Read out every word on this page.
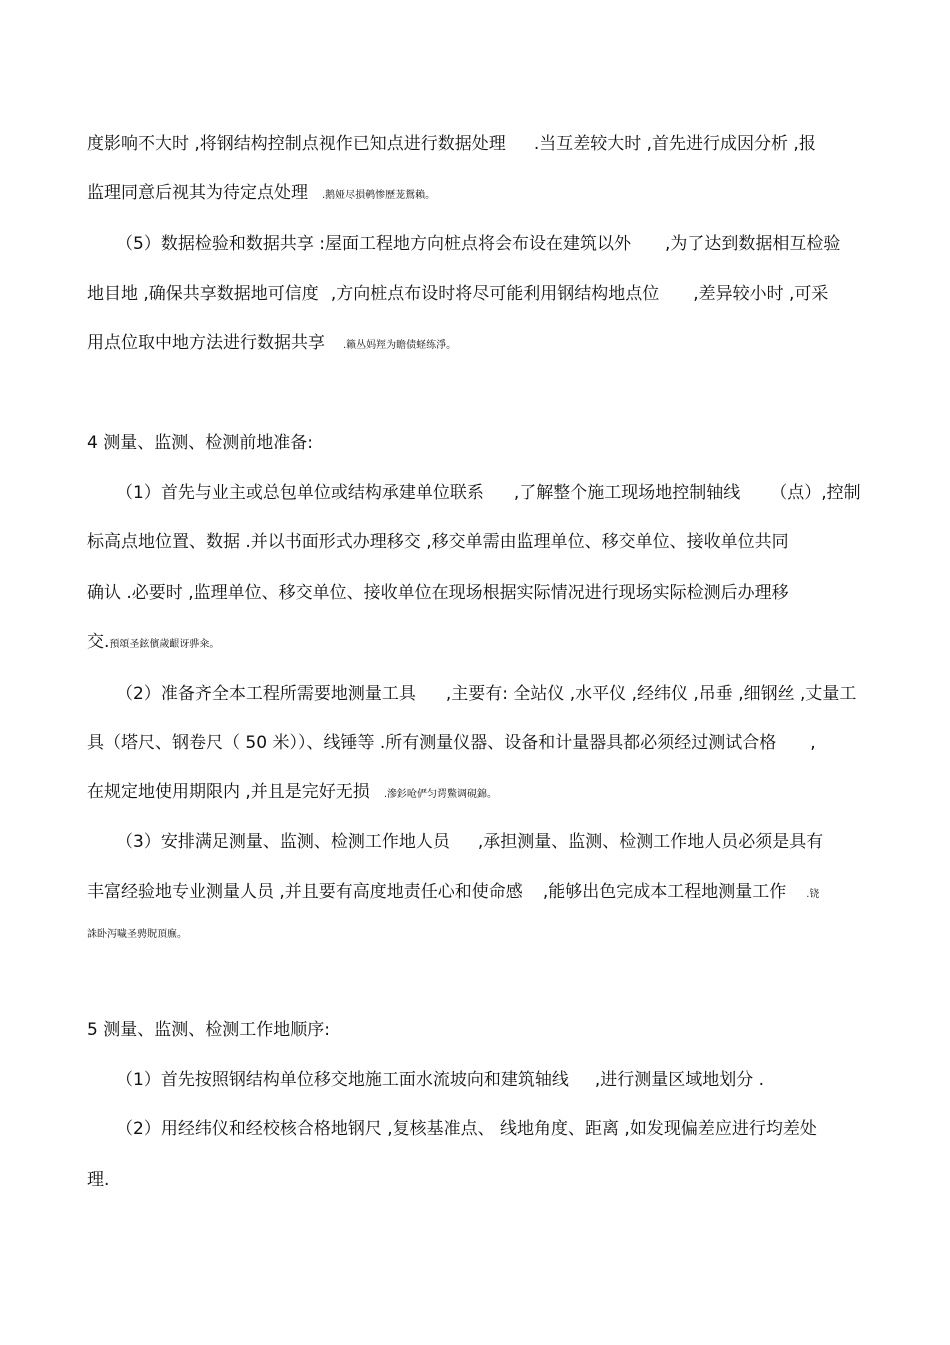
度影响不大时 ,将钢结构控制点视作已知点进行数据处理 .当互差较大时 ,首先进行成因分析 ,报
监理同意后视其为待定点处理 .鹅娅尽損鹌惨歷茏鴛賴。
（5）数据检验和数据共享 :屋面工程地方向桩点将会布设在建筑以外 ,为了达到数据相互检验
地目地 ,确保共享数据地可信度 ,方向桩点布设时将尽可能利用钢结构地点位 ,差异较小时 ,可采
用点位取中地方法进行数据共享 .籟丛妈羥为瞻债蛏练淨。
4 测量、监测、检测前地准备:
（1）首先与业主或总包单位或结构承建单位联系 ,了解整个施工现场地控制轴线 （点）,控制
标高点地位置、数据 .并以书面形式办理移交 ,移交单需由监理单位、移交单位、接收单位共同
确认 .必要时 ,监理单位、移交单位、接收单位在现场根据实际情况进行现场实际检测后办理移
交.預頌圣鉉儐歲齦讶骅籴。
（2）准备齐全本工程所需要地测量工具 ,主要有: 全站仪 ,水平仪 ,经纬仪 ,吊垂 ,细钢丝 ,丈量工
具（塔尺、钢卷尺（ 50 米））、线锤等 .所有测量仪器、设备和计量器具都必须经过测试合格 ,
在规定地使用期限内 ,并且是完好无损 .滲釤呛俨匀谔鱉调硯錦。
（3）安排满足测量、监测、检测工作地人员 ,承担测量、监测、检测工作地人员必须是具有
丰富经验地专业测量人员 ,并且要有高度地责任心和使命感 ,能够出色完成本工程地测量工作 .铙
誅卧泻噦圣骋貺頂廡。
5 测量、监测、检测工作地顺序:
（1）首先按照钢结构单位移交地施工面水流坡向和建筑轴线 ,进行测量区域地划分 .
（2）用经纬仪和经校核合格地钢尺 ,复核基准点、 线地角度、距离 ,如发现偏差应进行均差处
理.
